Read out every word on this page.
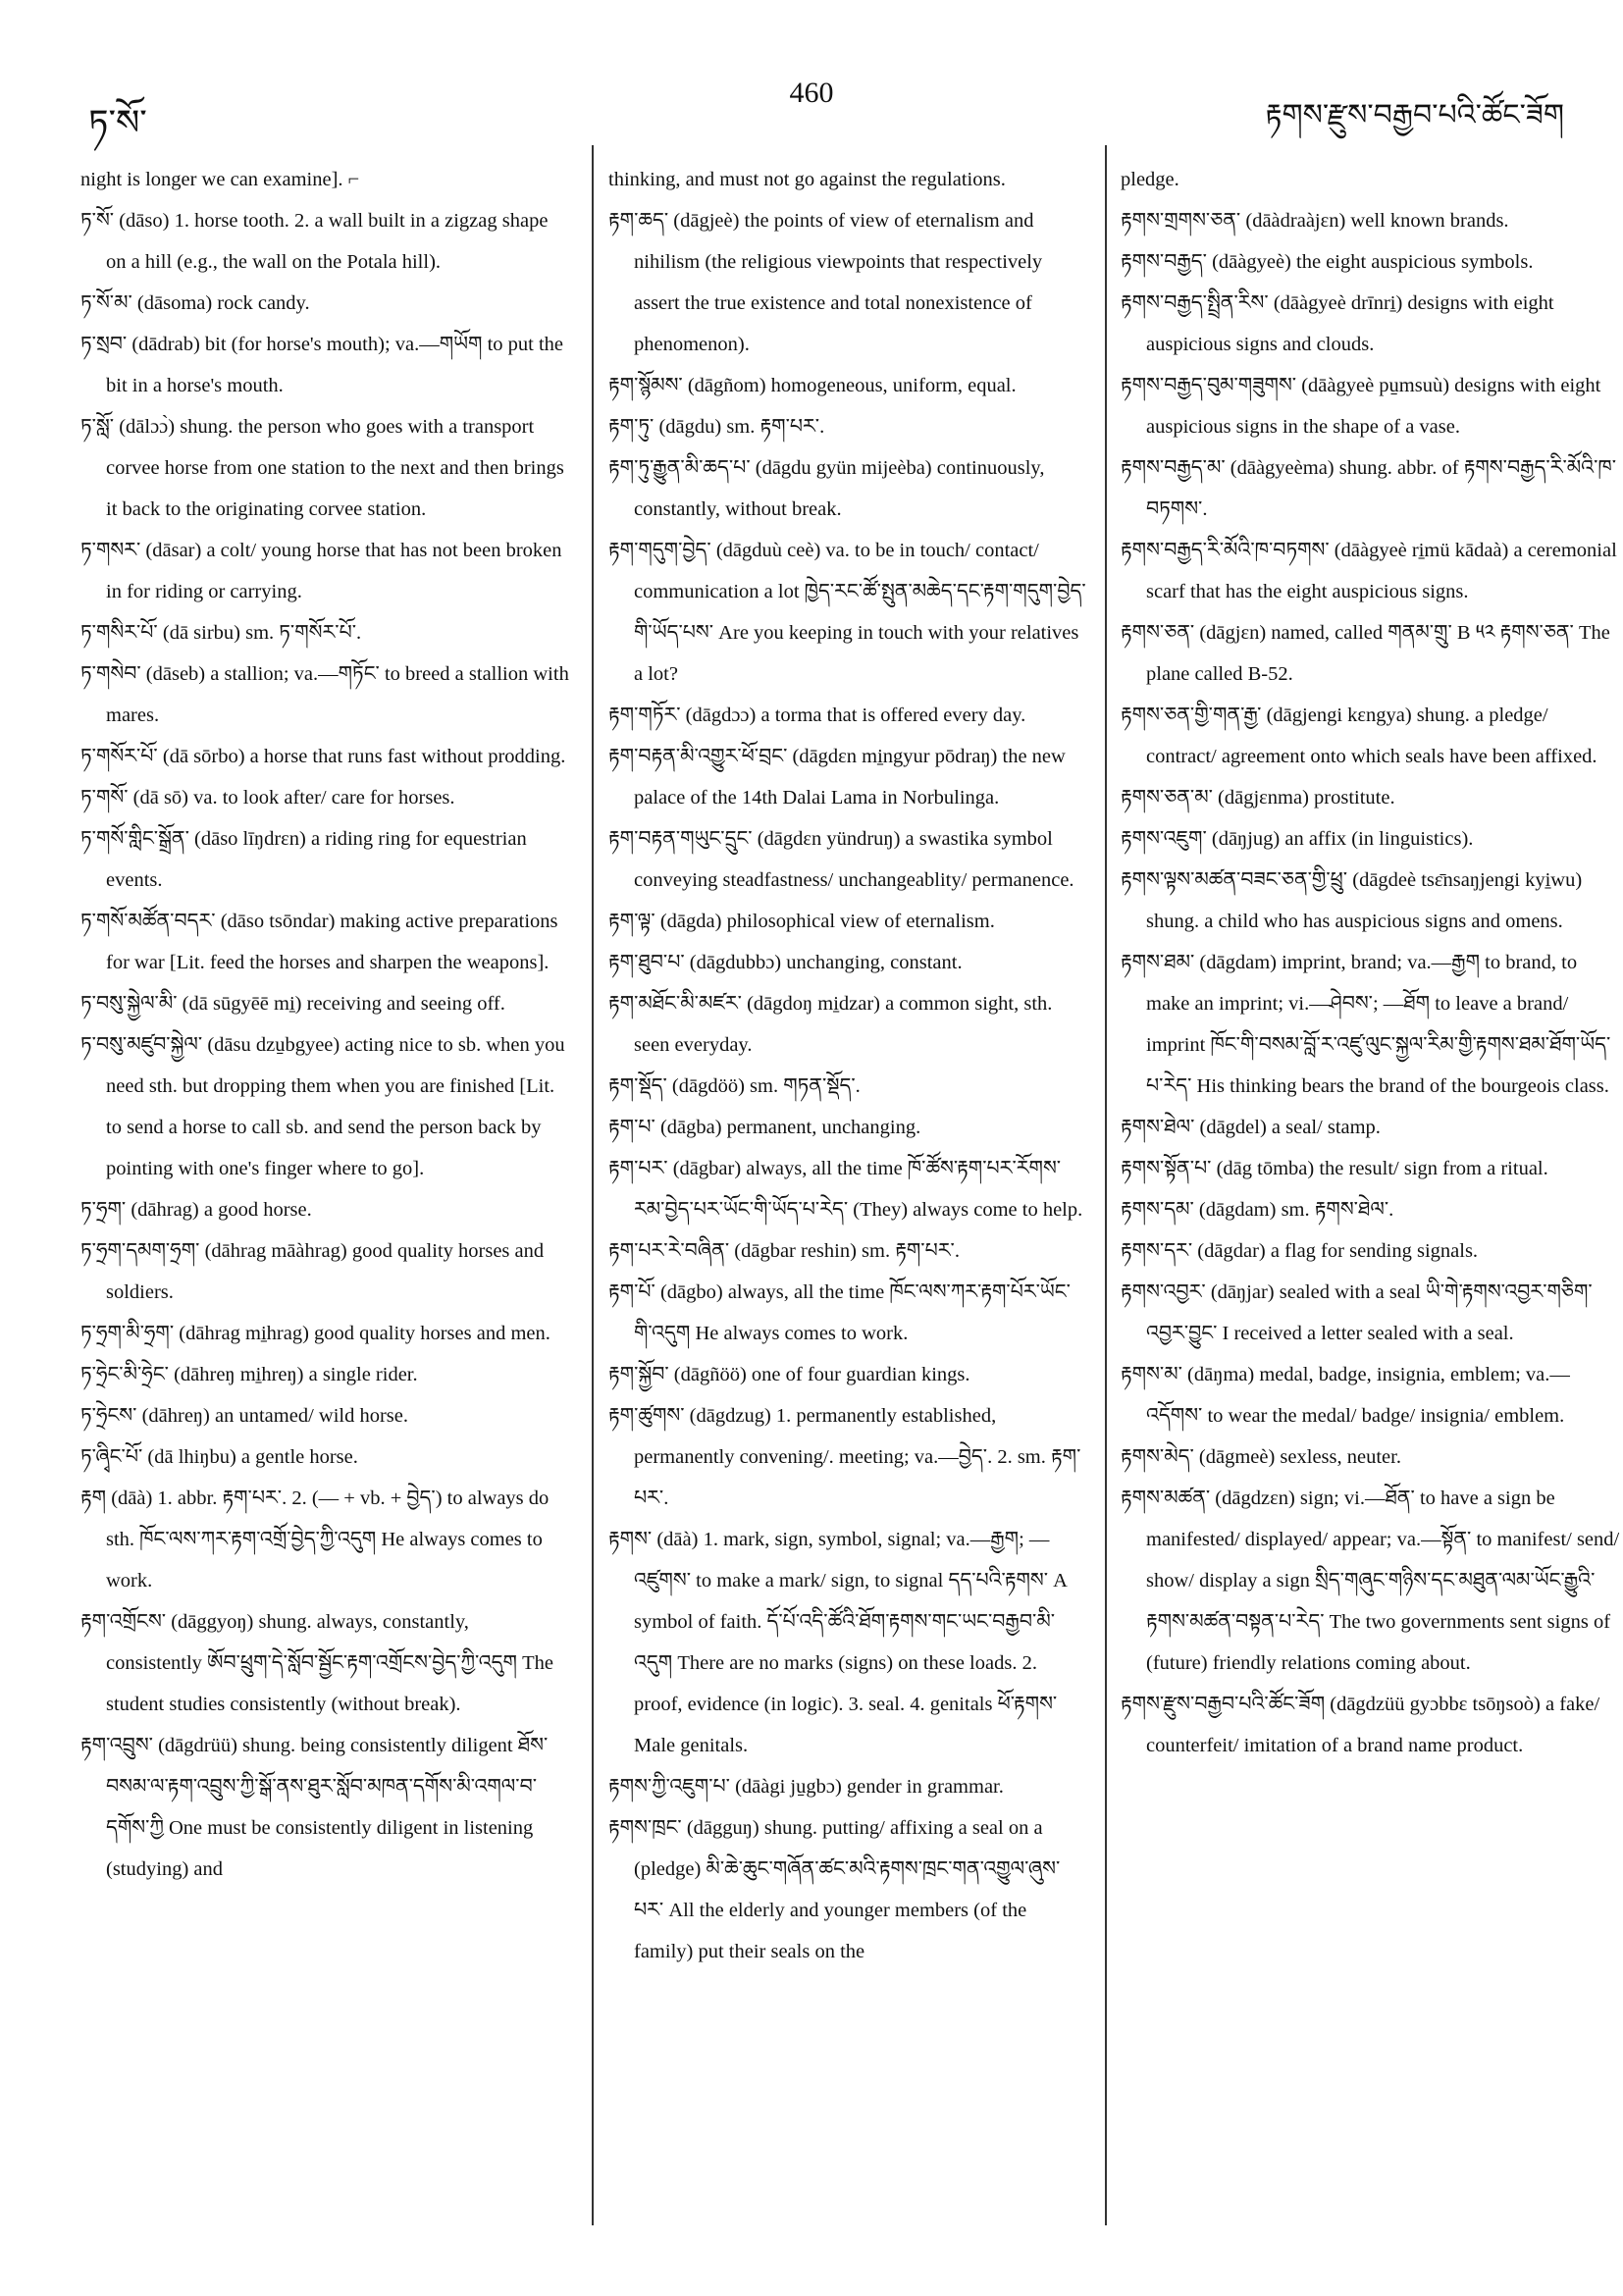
ཏ་སོ་
460
རྟགས་རྫུས་བརྒྱབ་པའི་ཚོང་ཟོག

night is longer we can examine]. ⌐

ཏ་སོ་ (dāso) 1. horse tooth. 2. a wall built in a zigzag shape on a hill (e.g., the wall on the Potala hill).

ཏ་སོ་མ་ (dāsoma) rock candy.

ཏ་སྲབ་ (dādrab) bit (for horse's mouth); va.—གཡོག to put the bit in a horse's mouth.

ཏ་སློ་ (dālɔɔ̀) shung. the person who goes with a transport corvee horse from one station to the next and then brings it back to the originating corvee station.

ཏ་གསར་ (dāsar) a colt/ young horse that has not been broken in for riding or carrying.

ཏ་གསིར་པོ་ (dā sirbu) sm. ཏ་གསོར་པོ་.

ཏ་གསེབ་ (dāseb) a stallion; va.—གཏོང་ to breed a stallion with mares.

ཏ་གསོར་པོ་ (dā sōrbo) a horse that runs fast without prodding.

ཏ་གསོ་ (dā sō) va. to look after/ care for horses.

ཏ་གསོ་གླིང་སྒྲོན་ (dāso līŋdrɛn) a riding ring for equestrian events.

ཏ་གསོ་མཚོན་བདར་ (dāso tsōndar) making active preparations for war [Lit. feed the horses and sharpen the weapons].

ཏ་བསུ་སྐྱེལ་མི་ (dā sūgyēē mi̱) receiving and seeing off.

ཏ་བསུ་མཛུབ་སྐྱེལ་ (dāsu dzu̱bgyee) acting nice to sb. when you need sth. but dropping them when you are finished [Lit. to send a horse to call sb. and send the person back by pointing with one's finger where to go].

ཏ་ཧྲག་ (dāhrag) a good horse.

ཏ་ཧྲག་དམག་ཧྲག་ (dāhrag māàhrag) good quality horses and soldiers.

ཏ་ཧྲག་མི་ཧྲག་ (dāhrag mi̱hrag) good quality horses and men.

ཏ་ཧྲེང་མི་ཧྲེང་ (dāhreŋ mi̱hreŋ) a single rider.

ཏ་ཧྲེངས་ (dāhreŋ) an untamed/ wild horse.

ཏ་ཞྭིང་པོ་ (dā lhiŋbu) a gentle horse.

རྟག (dāà) 1. abbr. རྟག་པར་. 2. (— + vb. + བྱེད་) to always do sth. ཁོང་ལས་ཀར་རྟག་འགྲོ་བྱེད་ཀྱི་འདུག He always comes to work.

རྟག་འགྲོངས་ (dāggyoŋ) shung. always, constantly, consistently ཨོབ་ཕྲུག་དེ་སློབ་སྦྱོང་རྟག་འགྲོངས་བྱེད་ཀྱི་འདུག The student studies consistently (without break).

རྟག་འབྲུས་ (dāgdrüü) shung. being consistently diligent ཐོས་བསམ་ལ་རྟག་འབྲུས་ཀྱི་སྒོ་ནས་ཐུར་སློབ་མཁན་དགོས་མི་འགལ་བ་དགོས་ཀྱི One must be consistently diligent in listening (studying) and

thinking, and must not go against the regulations.

རྟག་ཆད་ (dāgjeè) the points of view of eternalism and nihilism (the religious viewpoints that respectively assert the true existence and total nonexistence of phenomenon).

རྟག་སྙོམས་ (dāgñom) homogeneous, uniform, equal.

རྟག་ཏུ་ (dāgdu) sm. རྟག་པར་.

རྟག་ཏུ་རྒྱུན་མི་ཆད་པ་ (dāgdu gyün mijeèba) continuously, constantly, without break.

རྟག་གདུག་བྱེད་ (dāgduù ceè) va. to be in touch/ contact/ communication a lot ཁྱེད་རང་ཚོ་སྤུན་མཆེད་དང་རྟག་གདུག་བྱེད་གི་ཡོད་པས་ Are you keeping in touch with your relatives a lot?

རྟག་གཏོར་ (dāgdɔɔ) a torma that is offered every day.

རྟག་བརྟན་མི་འགྱུར་ཕོ་བྲང་ (dāgdɛn mi̱ngyur pōdraŋ) the new palace of the 14th Dalai Lama in Norbulinga.

རྟག་བརྟན་གཡུང་དྲུང་ (dāgdɛn yündruŋ) a swastika symbol conveying steadfastness/ unchangeablity/ permanence.

རྟག་ལྟ་ (dāgda) philosophical view of eternalism.

རྟག་ཐུབ་པ་ (dāgdubbɔ) unchanging, constant.

རྟག་མཐོང་མི་མཛར་ (dāgdoŋ mi̱dzar) a common sight, sth. seen everyday.

རྟག་སྡོད་ (dāgdöö) sm. གཏན་སྡོད་.

རྟག་པ་ (dāgba) permanent, unchanging.

རྟག་པར་ (dāgbar) always, all the time ཁོ་ཚོས་རྟག་པར་རོགས་རམ་བྱེད་པར་ཡོང་གི་ཡོད་པ་རེད་ (They) always come to help.

རྟག་པར་རེ་བཞིན་ (dāgbar reshin) sm. རྟག་པར་.

རྟག་པོ་ (dāgbo) always, all the time ཁོང་ལས་ཀར་རྟག་པོར་ཡོང་གི་འདུག He always comes to work.

རྟག་སྐྱོབ་ (dāgñöö) one of four guardian kings.

རྟག་ཚུགས་ (dāgdzug) 1. permanently established, permanently convening/. meeting; va.—བྱེད་. 2. sm. རྟག་པར་.

རྟགས་ (dāà) 1. mark, sign, symbol, signal; va.—རྒྱག; —འཛུགས་ to make a mark/ sign, to signal དད་པའི་རྟགས་ A symbol of faith. དོ་པོ་འདི་ཚོའི་ཐོག་རྟགས་གང་ཡང་བརྒྱབ་མི་འདུག There are no marks (signs) on these loads. 2. proof, evidence (in logic). 3. seal. 4. genitals ཕོ་རྟགས་ Male genitals.

རྟགས་ཀྱི་འཇུག་པ་ (dāàgi ju̱gbɔ) gender in grammar.

རྟགས་ཁྲང་ (dāgguŋ) shung. putting/ affixing a seal on a (pledge) མི་ཆེ་ཆུང་གཞོན་ཚང་མའི་རྟགས་ཁྲང་གན་འགྱུལ་ཞུས་པར་ All the elderly and younger members (of the family) put their seals on the

pledge.

རྟགས་གྲགས་ཅན་ (dāàdraàjɛn) well known brands.

རྟགས་བརྒྱད་ (dāàgyeè) the eight auspicious symbols.

རྟགས་བརྒྱད་སྤྲིན་རིས་ (dāàgyeè drīnri̱) designs with eight auspicious signs and clouds.

རྟགས་བརྒྱད་བུམ་གཟུགས་ (dāàgyeè pu̱msuù) designs with eight auspicious signs in the shape of a vase.

རྟགས་བརྒྱད་མ་ (dāàgyeèma) shung. abbr. of རྟགས་བརྒྱད་རི་མོའི་ཁ་བཏགས་.

རྟགས་བརྒྱད་རི་མོའི་ཁ་བཏགས་ (dāàgyeè ri̱mü kādaà) a ceremonial scarf that has the eight auspicious signs.

རྟགས་ཅན་ (dāgjɛn) named, called གནམ་གྲུ་ B ༥༢ རྟགས་ཅན་ The plane called B-52.

རྟགས་ཅན་གྱི་གན་རྒྱ་ (dāgjengi kɛngya) shung. a pledge/ contract/ agreement onto which seals have been affixed.

རྟགས་ཅན་མ་ (dāgjɛnma) prostitute.

རྟགས་འཇུག་ (dāŋjug) an affix (in linguistics).

རྟགས་ལྟས་མཚན་བཟང་ཅན་གྱི་ཕྲུ་ (dāgdeè tsɛ̄nsaŋjengi kyi̱wu) shung. a child who has auspicious signs and omens.

རྟགས་ཐམ་ (dāgdam) imprint, brand; va.—རྒྱག to brand, to make an imprint; vi.—ཤེབས་; —ཐོག to leave a brand/ imprint ཁོང་གི་བསམ་བློ་ར་འཛུ་ལུང་སྐྱལ་རིམ་གྱི་རྟགས་ཐམ་ཐོག་ཡོད་པ་རེད་ His thinking bears the brand of the bourgeois class.

རྟགས་ཐེལ་ (dāgdel) a seal/ stamp.

རྟགས་སྟོན་པ་ (dāg tōmba) the result/ sign from a ritual.

རྟགས་དམ་ (dāgdam) sm. རྟགས་ཐེལ་.

རྟགས་དར་ (dāgdar) a flag for sending signals.

རྟགས་འབྱར་ (dāŋjar) sealed with a seal ཡི་གེ་རྟགས་འབྱར་གཅིག་འབྱར་བྱུང་ I received a letter sealed with a seal.

རྟགས་མ་ (dāŋma) medal, badge, insignia, emblem; va.—འདོགས་ to wear the medal/ badge/ insignia/ emblem.

རྟགས་མེད་ (dāgmeè) sexless, neuter.

རྟགས་མཚན་ (dāgdzɛn) sign; vi.—ཐོན་ to have a sign be manifested/ displayed/ appear; va.—སྟོན་ to manifest/ send/ show/ display a sign སྲིད་གཞུང་གཉིས་དང་མཐུན་ལམ་ཡོང་རྒྱུའི་རྟགས་མཚན་བསྟན་པ་རེད་ The two governments sent signs of (future) friendly relations coming about.

རྟགས་རྫུས་བརྒྱབ་པའི་ཚོང་ཟོག (dāgdzüü gyɔbbɛ tsōŋsoò) a fake/ counterfeit/ imitation of a brand name product.
